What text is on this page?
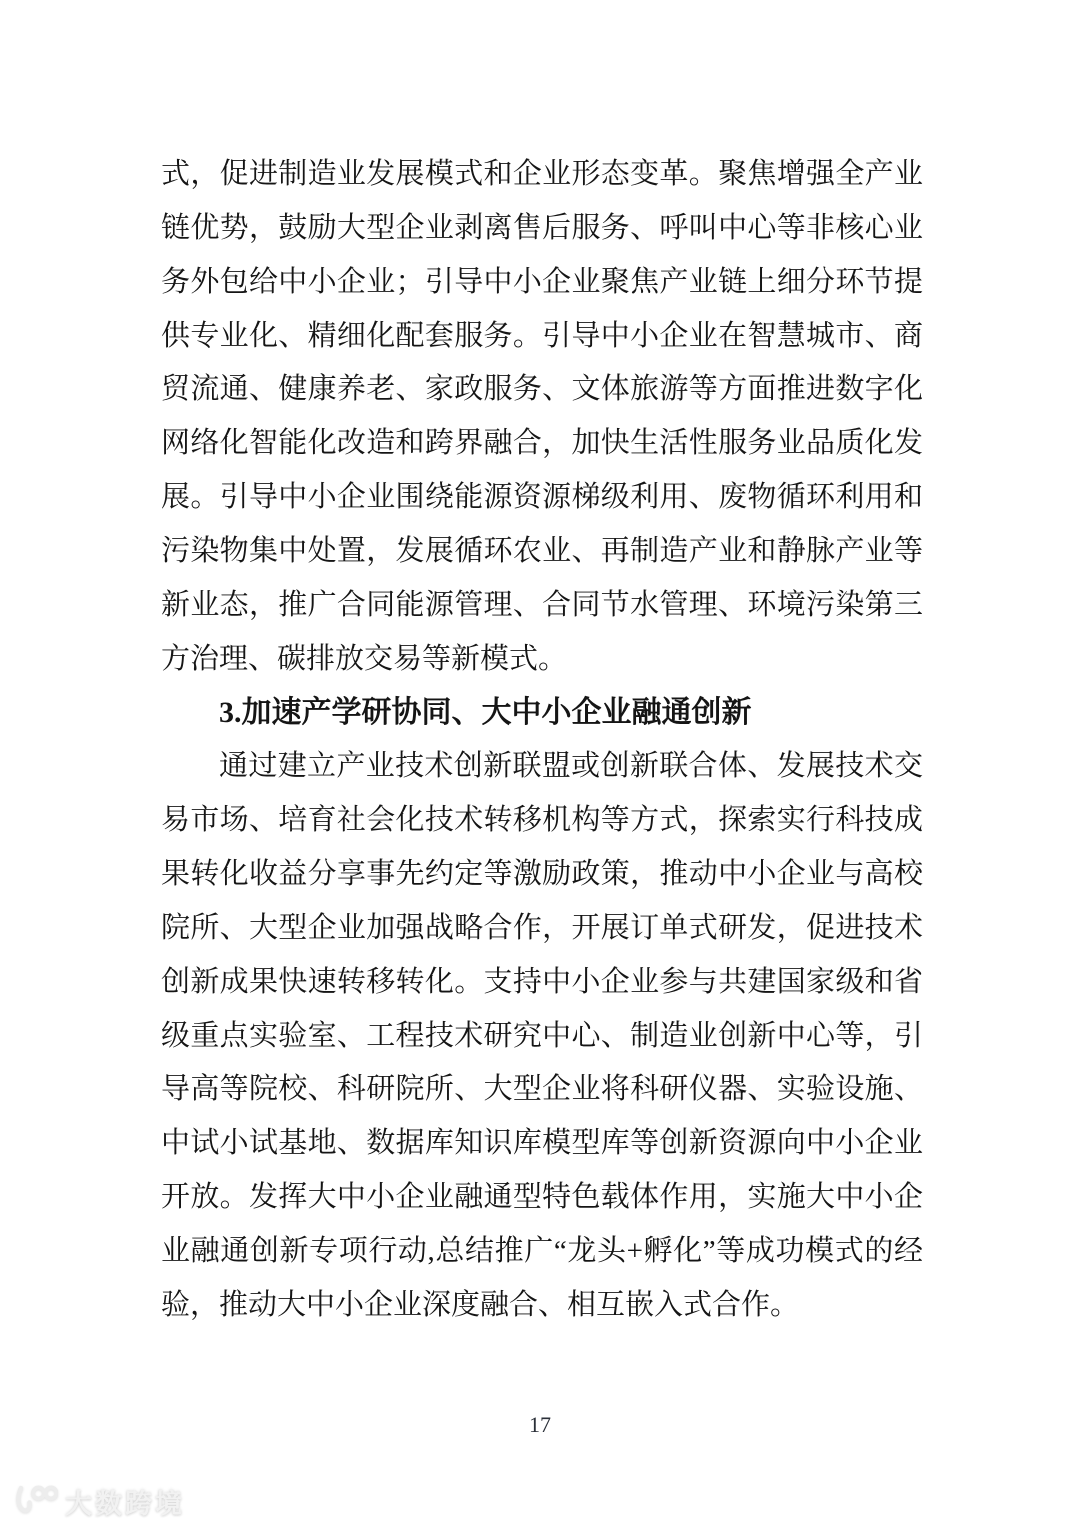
式，促进制造业发展模式和企业形态变革。聚焦增强全产业
链优势，鼓励大型企业剥离售后服务、呼叫中心等非核心业
务外包给中小企业；引导中小企业聚焦产业链上细分环节提
供专业化、精细化配套服务。引导中小企业在智慧城市、商
贸流通、健康养老、家政服务、文体旅游等方面推进数字化
网络化智能化改造和跨界融合，加快生活性服务业品质化发
展。引导中小企业围绕能源资源梯级利用、废物循环利用和
污染物集中处置，发展循环农业、再制造产业和静脉产业等
新业态，推广合同能源管理、合同节水管理、环境污染第三
方治理、碳排放交易等新模式。
3.加速产学研协同、大中小企业融通创新
通过建立产业技术创新联盟或创新联合体、发展技术交
易市场、培育社会化技术转移机构等方式，探索实行科技成
果转化收益分享事先约定等激励政策，推动中小企业与高校
院所、大型企业加强战略合作，开展订单式研发，促进技术
创新成果快速转移转化。支持中小企业参与共建国家级和省
级重点实验室、工程技术研究中心、制造业创新中心等，引
导高等院校、科研院所、大型企业将科研仪器、实验设施、
中试小试基地、数据库知识库模型库等创新资源向中小企业
开放。发挥大中小企业融通型特色载体作用，实施大中小企
业融通创新专项行动,总结推广“龙头+孵化”等成功模式的经
验，推动大中小企业深度融合、相互嵌入式合作。
17
大数跨境
